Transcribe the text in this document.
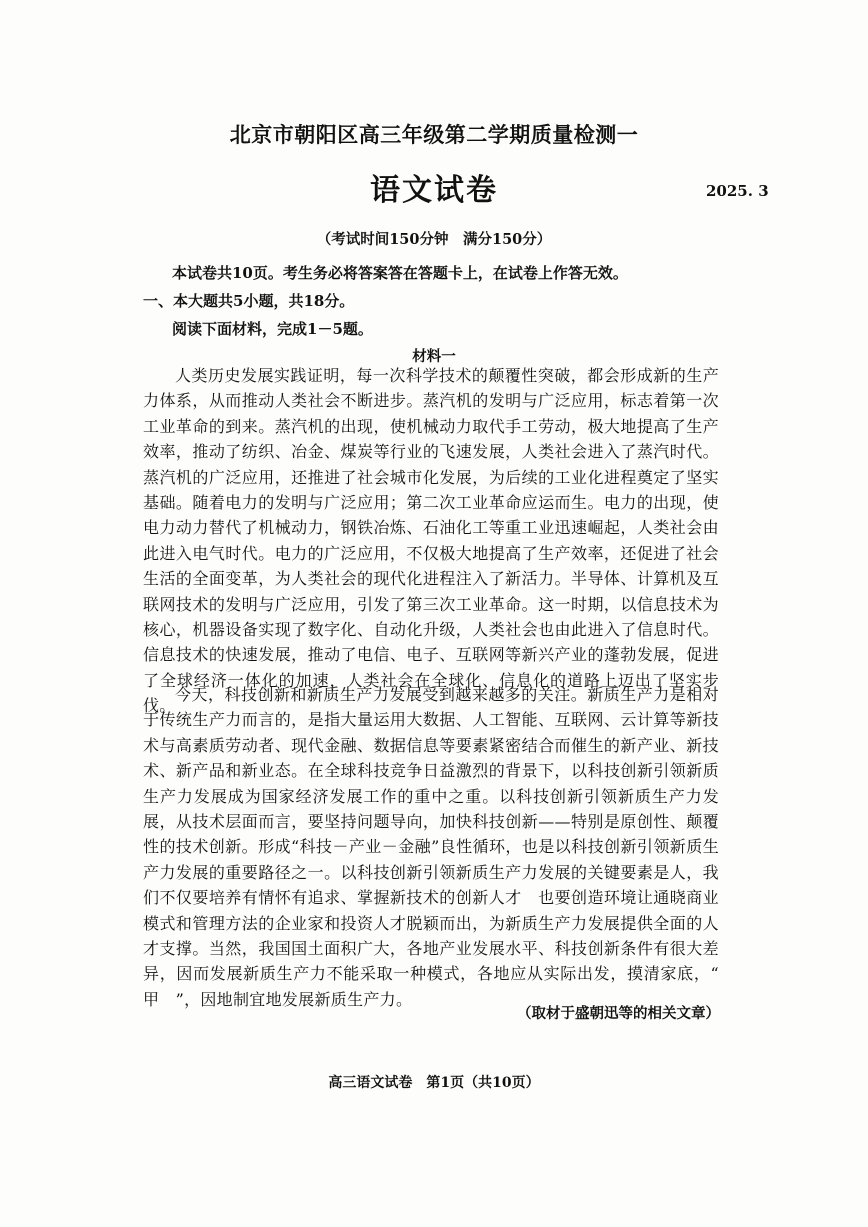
北京市朝阳区高三年级第二学期质量检测一
语文试卷	2025. 3
（考试时间150分钟　满分150分）
本试卷共10页。考生务必将答案答在答题卡上，在试卷上作答无效。
一、本大题共5小题，共18分。
阅读下面材料，完成1－5题。
材料一

人类历史发展实践证明，每一次科学技术的颠覆性突破，都会形成新的生产力体系，从而推动人类社会不断进步。蒸汽机的发明与广泛应用，标志着第一次工业革命的到来。蒸汽机的出现，使机械动力取代手工劳动，极大地提高了生产效率，推动了纺织、冶金、煤炭等行业的飞速发展，人类社会进入了蒸汽时代。蒸汽机的广泛应用，还推进了社会城市化发展，为后续的工业化进程奠定了坚实基础。随着电力的发明与广泛应用；第二次工业革命应运而生。电力的出现，使电力动力替代了机械动力，钢铁冶炼、石油化工等重工业迅速崛起，人类社会由此进入电气时代。电力的广泛应用，不仅极大地提高了生产效率，还促进了社会生活的全面变革，为人类社会的现代化进程注入了新活力。半导体、计算机及互联网技术的发明与广泛应用，引发了第三次工业革命。这一时期，以信息技术为核心，机器设备实现了数字化、自动化升级，人类社会也由此进入了信息时代。信息技术的快速发展，推动了电信、电子、互联网等新兴产业的蓬勃发展，促进了全球经济一体化的加速，人类社会在全球化、信息化的道路上迈出了坚实步伐。

今天，科技创新和新质生产力发展受到越来越多的关注。新质生产力是相对于传统生产力而言的，是指大量运用大数据、人工智能、互联网、云计算等新技术与高素质劳动者、现代金融、数据信息等要素紧密结合而催生的新产业、新技术、新产品和新业态。在全球科技竞争日益激烈的背景下，以科技创新引领新质生产力发展成为国家经济发展工作的重中之重。以科技创新引领新质生产力发展，从技术层面而言，要坚持问题导向，加快科技创新——特别是原创性、颠覆性的技术创新。形成“科技－产业－金融”良性循环，也是以科技创新引领新质生产力发展的重要路径之一。以科技创新引领新质生产力发展的关键要素是人，我们不仅要培养有情怀有追求、掌握新技术的创新人才　也要创造环境让通晓商业模式和管理方法的企业家和投资人才脱颖而出，为新质生产力发展提供全面的人才支撑。当然，我国国土面积广大，各地产业发展水平、科技创新条件有很大差异，因而发展新质生产力不能采取一种模式，各地应从实际出发，摸清家底，“　甲　”，因地制宜地发展新质生产力。

（取材于盛朝迅等的相关文章）
高三语文试卷　第1页（共10页）
